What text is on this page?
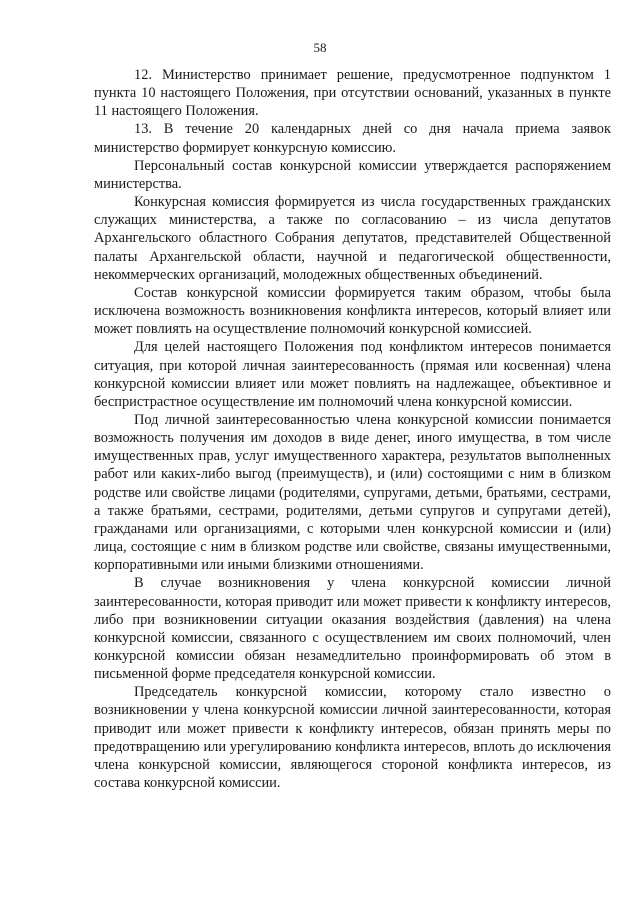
58

12. Министерство принимает решение, предусмотренное подпунктом 1 пункта 10 настоящего Положения, при отсутствии оснований, указанных в пункте 11 настоящего Положения.

13. В течение 20 календарных дней со дня начала приема заявок министерство формирует конкурсную комиссию.

Персональный состав конкурсной комиссии утверждается распоряжением министерства.

Конкурсная комиссия формируется из числа государственных гражданских служащих министерства, а также по согласованию – из числа депутатов Архангельского областного Собрания депутатов, представителей Общественной палаты Архангельской области, научной и педагогической общественности, некоммерческих организаций, молодежных общественных объединений.

Состав конкурсной комиссии формируется таким образом, чтобы была исключена возможность возникновения конфликта интересов, который влияет или может повлиять на осуществление полномочий конкурсной комиссией.

Для целей настоящего Положения под конфликтом интересов понимается ситуация, при которой личная заинтересованность (прямая или косвенная) члена конкурсной комиссии влияет или может повлиять на надлежащее, объективное и беспристрастное осуществление им полномочий члена конкурсной комиссии.

Под личной заинтересованностью члена конкурсной комиссии понимается возможность получения им доходов в виде денег, иного имущества, в том числе имущественных прав, услуг имущественного характера, результатов выполненных работ или каких-либо выгод (преимуществ), и (или) состоящими с ним в близком родстве или свойстве лицами (родителями, супругами, детьми, братьями, сестрами, а также братьями, сестрами, родителями, детьми супругов и супругами детей), гражданами или организациями, с которыми член конкурсной комиссии и (или) лица, состоящие с ним в близком родстве или свойстве, связаны имущественными, корпоративными или иными близкими отношениями.

В случае возникновения у члена конкурсной комиссии личной заинтересованности, которая приводит или может привести к конфликту интересов, либо при возникновении ситуации оказания воздействия (давления) на члена конкурсной комиссии, связанного с осуществлением им своих полномочий, член конкурсной комиссии обязан незамедлительно проинформировать об этом в письменной форме председателя конкурсной комиссии.

Председатель конкурсной комиссии, которому стало известно о возникновении у члена конкурсной комиссии личной заинтересованности, которая приводит или может привести к конфликту интересов, обязан принять меры по предотвращению или урегулированию конфликта интересов, вплоть до исключения члена конкурсной комиссии, являющегося стороной конфликта интересов, из состава конкурсной комиссии.
